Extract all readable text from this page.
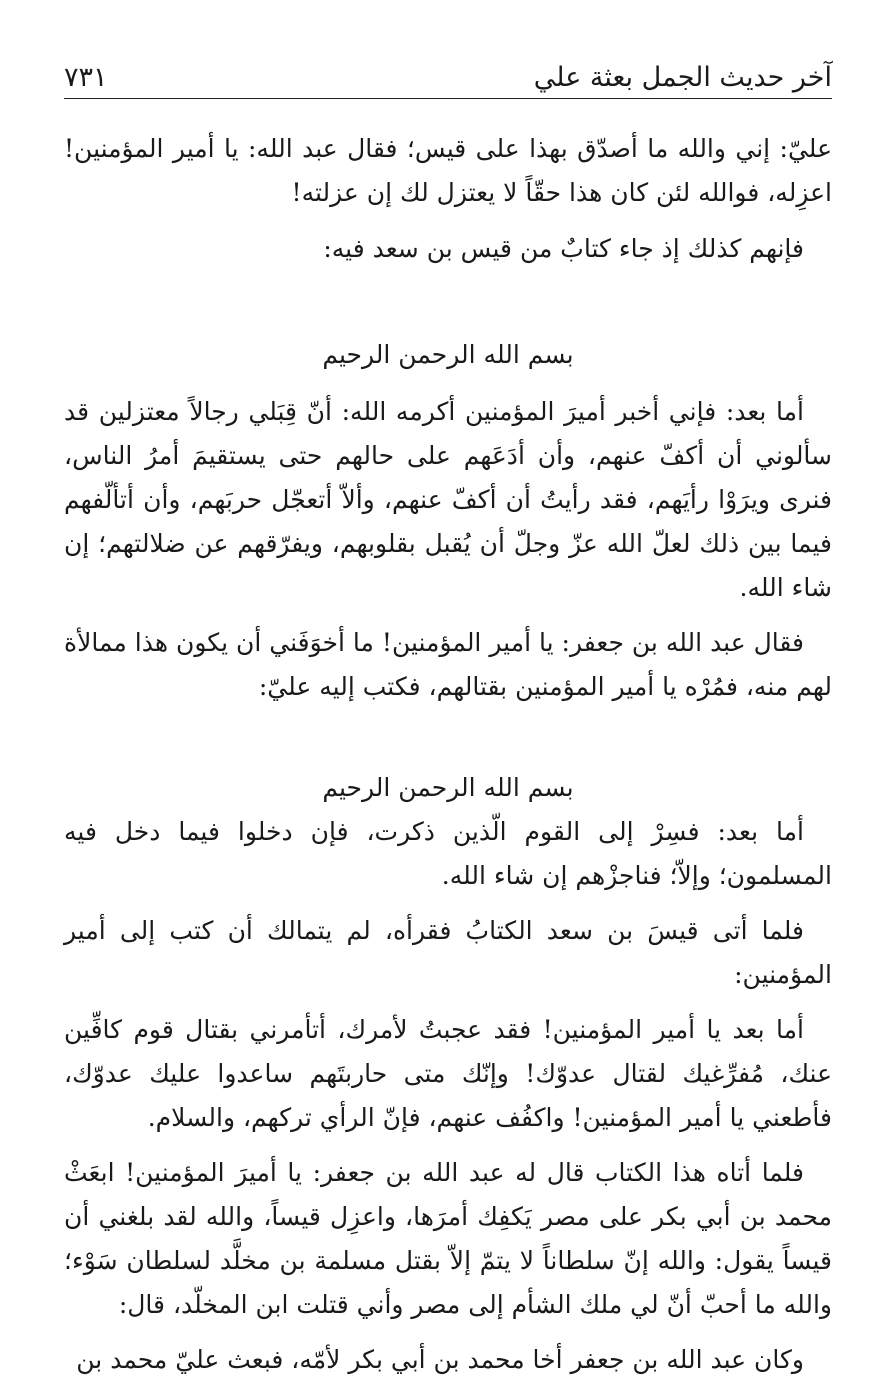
آخر حديث الجمل بعثة علي
٧٣١

عليّ: إني والله ما أصدّق بهذا على قيس؛ فقال عبد الله: يا أمير المؤمنين! اعزِله، فوالله لئن كان هذا حقّاً لا يعتزل لك إن عزلته!

فإنهم كذلك إذ جاء كتابٌ من قيس بن سعد فيه:

بسم الله الرحمن الرحيم

أما بعد: فإني أخبر أميرَ المؤمنين أكرمه الله: أنّ قِبَلي رجالاً معتزلين قد سألوني أن أكفّ عنهم، وأن أدَعَهم على حالهم حتى يستقيمَ أمرُ الناس، فنرى ويرَوْا رأيَهم، فقد رأيتُ أن أكفّ عنهم، وألاّ أتعجّل حربَهم، وأن أتألّفهم فيما بين ذلك لعلّ الله عزّ وجلّ أن يُقبل بقلوبهم، ويفرّقهم عن ضلالتهم؛ إن شاء الله.

فقال عبد الله بن جعفر: يا أمير المؤمنين! ما أخوَفَني أن يكون هذا ممالأة لهم منه، فمُرْه يا أمير المؤمنين بقتالهم، فكتب إليه عليّ:

بسم الله الرحمن الرحيم

أما بعد: فسِرْ إلى القوم الّذين ذكرت، فإن دخلوا فيما دخل فيه المسلمون؛ وإلاّ؛ فناجزْهم إن شاء الله.

فلما أتى قيسَ بن سعد الكتابُ فقرأه، لم يتمالك أن كتب إلى أمير المؤمنين:

أما بعد يا أمير المؤمنين! فقد عجبتُ لأمرك، أتأمرني بقتال قوم كافِّين عنك، مُفرِّغيك لقتال عدوّك! وإنّك متى حاربتَهم ساعدوا عليك عدوّك، فأطعني يا أمير المؤمنين! واكفُف عنهم، فإنّ الرأي تركهم، والسلام.

فلما أتاه هذا الكتاب قال له عبد الله بن جعفر: يا أميرَ المؤمنين! ابعَثْ محمد بن أبي بكر على مصر يَكفِك أمرَها، واعزِل قيساً، والله لقد بلغني أن قيساً يقول: والله إنّ سلطاناً لا يتمّ إلاّ بقتل مسلمة بن مخلَّد لسلطان سَوْء؛ والله ما أحبّ أنّ لي ملك الشأم إلى مصر وأني قتلت ابن المخلّد، قال:

وكان عبد الله بن جعفر أخا محمد بن أبي بكر لأمّه، فبعث عليّ محمد بن
